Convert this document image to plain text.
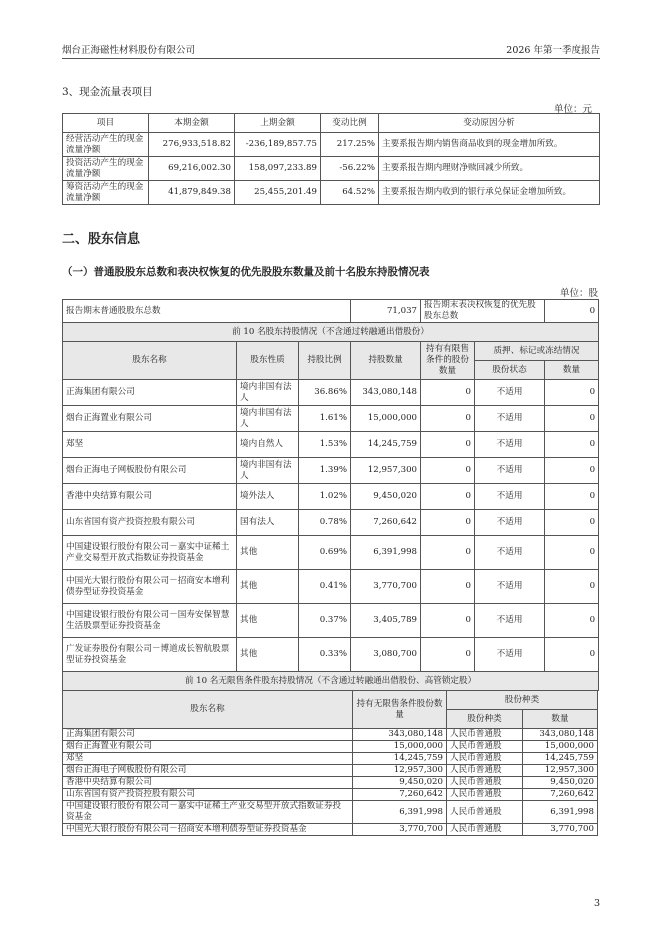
烟台正海磁性材料股份有限公司	2026 年第一季度报告
3、现金流量表项目
单位：元
项目	本期金额	上期金额	变动比例	变动原因分析
经营活动产生的现金流量净额	276,933,518.82	-236,189,857.75	217.25%	主要系报告期内销售商品收到的现金增加所致。
投资活动产生的现金流量净额	69,216,002.30	158,097,233.89	-56.22%	主要系报告期内理财净赎回减少所致。
筹资活动产生的现金流量净额	41,879,849.38	25,455,201.49	64.52%	主要系报告期内收到的银行承兑保证金增加所致。
二、股东信息
（一）普通股股东总数和表决权恢复的优先股股东数量及前十名股东持股情况表
单位：股
报告期末普通股股东总数			71,037	报告期末表决权恢复的优先股股东总数		0
前 10 名股东持股情况（不含通过转融通出借股份）						
股东名称	股东性质	持股比例	持股数量	持有有限售条件的股份数量	质押、标记或冻结情况	
					股份状态	数量
正海集团有限公司	境内非国有法人	36.86%	343,080,148	0	不适用	0
烟台正海置业有限公司	境内非国有法人	1.61%	15,000,000	0	不适用	0
郑坚	境内自然人	1.53%	14,245,759	0	不适用	0
烟台正海电子网板股份有限公司	境内非国有法人	1.39%	12,957,300	0	不适用	0
香港中央结算有限公司	境外法人	1.02%	9,450,020	0	不适用	0
山东省国有资产投资控股有限公司	国有法人	0.78%	7,260,642	0	不适用	0
中国建设银行股份有限公司－嘉实中证稀土产业交易型开放式指数证券投资基金	其他	0.69%	6,391,998	0	不适用	0
中国光大银行股份有限公司－招商安本增利债券型证券投资基金	其他	0.41%	3,770,700	0	不适用	0
中国建设银行股份有限公司－国寿安保智慧生活股票型证券投资基金	其他	0.37%	3,405,789	0	不适用	0
广发证券股份有限公司－博道成长智航股票型证券投资基金	其他	0.33%	3,080,700	0	不适用	0
前 10 名无限售条件股东持股情况（不含通过转融通出借股份、高管锁定股）						
股东名称	持有无限售条件股份数量	股份种类	
		股份种类	数量
正海集团有限公司	343,080,148	人民币普通股	343,080,148
烟台正海置业有限公司	15,000,000	人民币普通股	15,000,000
郑坚	14,245,759	人民币普通股	14,245,759
烟台正海电子网板股份有限公司	12,957,300	人民币普通股	12,957,300
香港中央结算有限公司	9,450,020	人民币普通股	9,450,020
山东省国有资产投资控股有限公司	7,260,642	人民币普通股	7,260,642
中国建设银行股份有限公司－嘉实中证稀土产业交易型开放式指数证券投资基金	6,391,998	人民币普通股	6,391,998
中国光大银行股份有限公司－招商安本增利债券型证券投资基金	3,770,700	人民币普通股	3,770,700
3
